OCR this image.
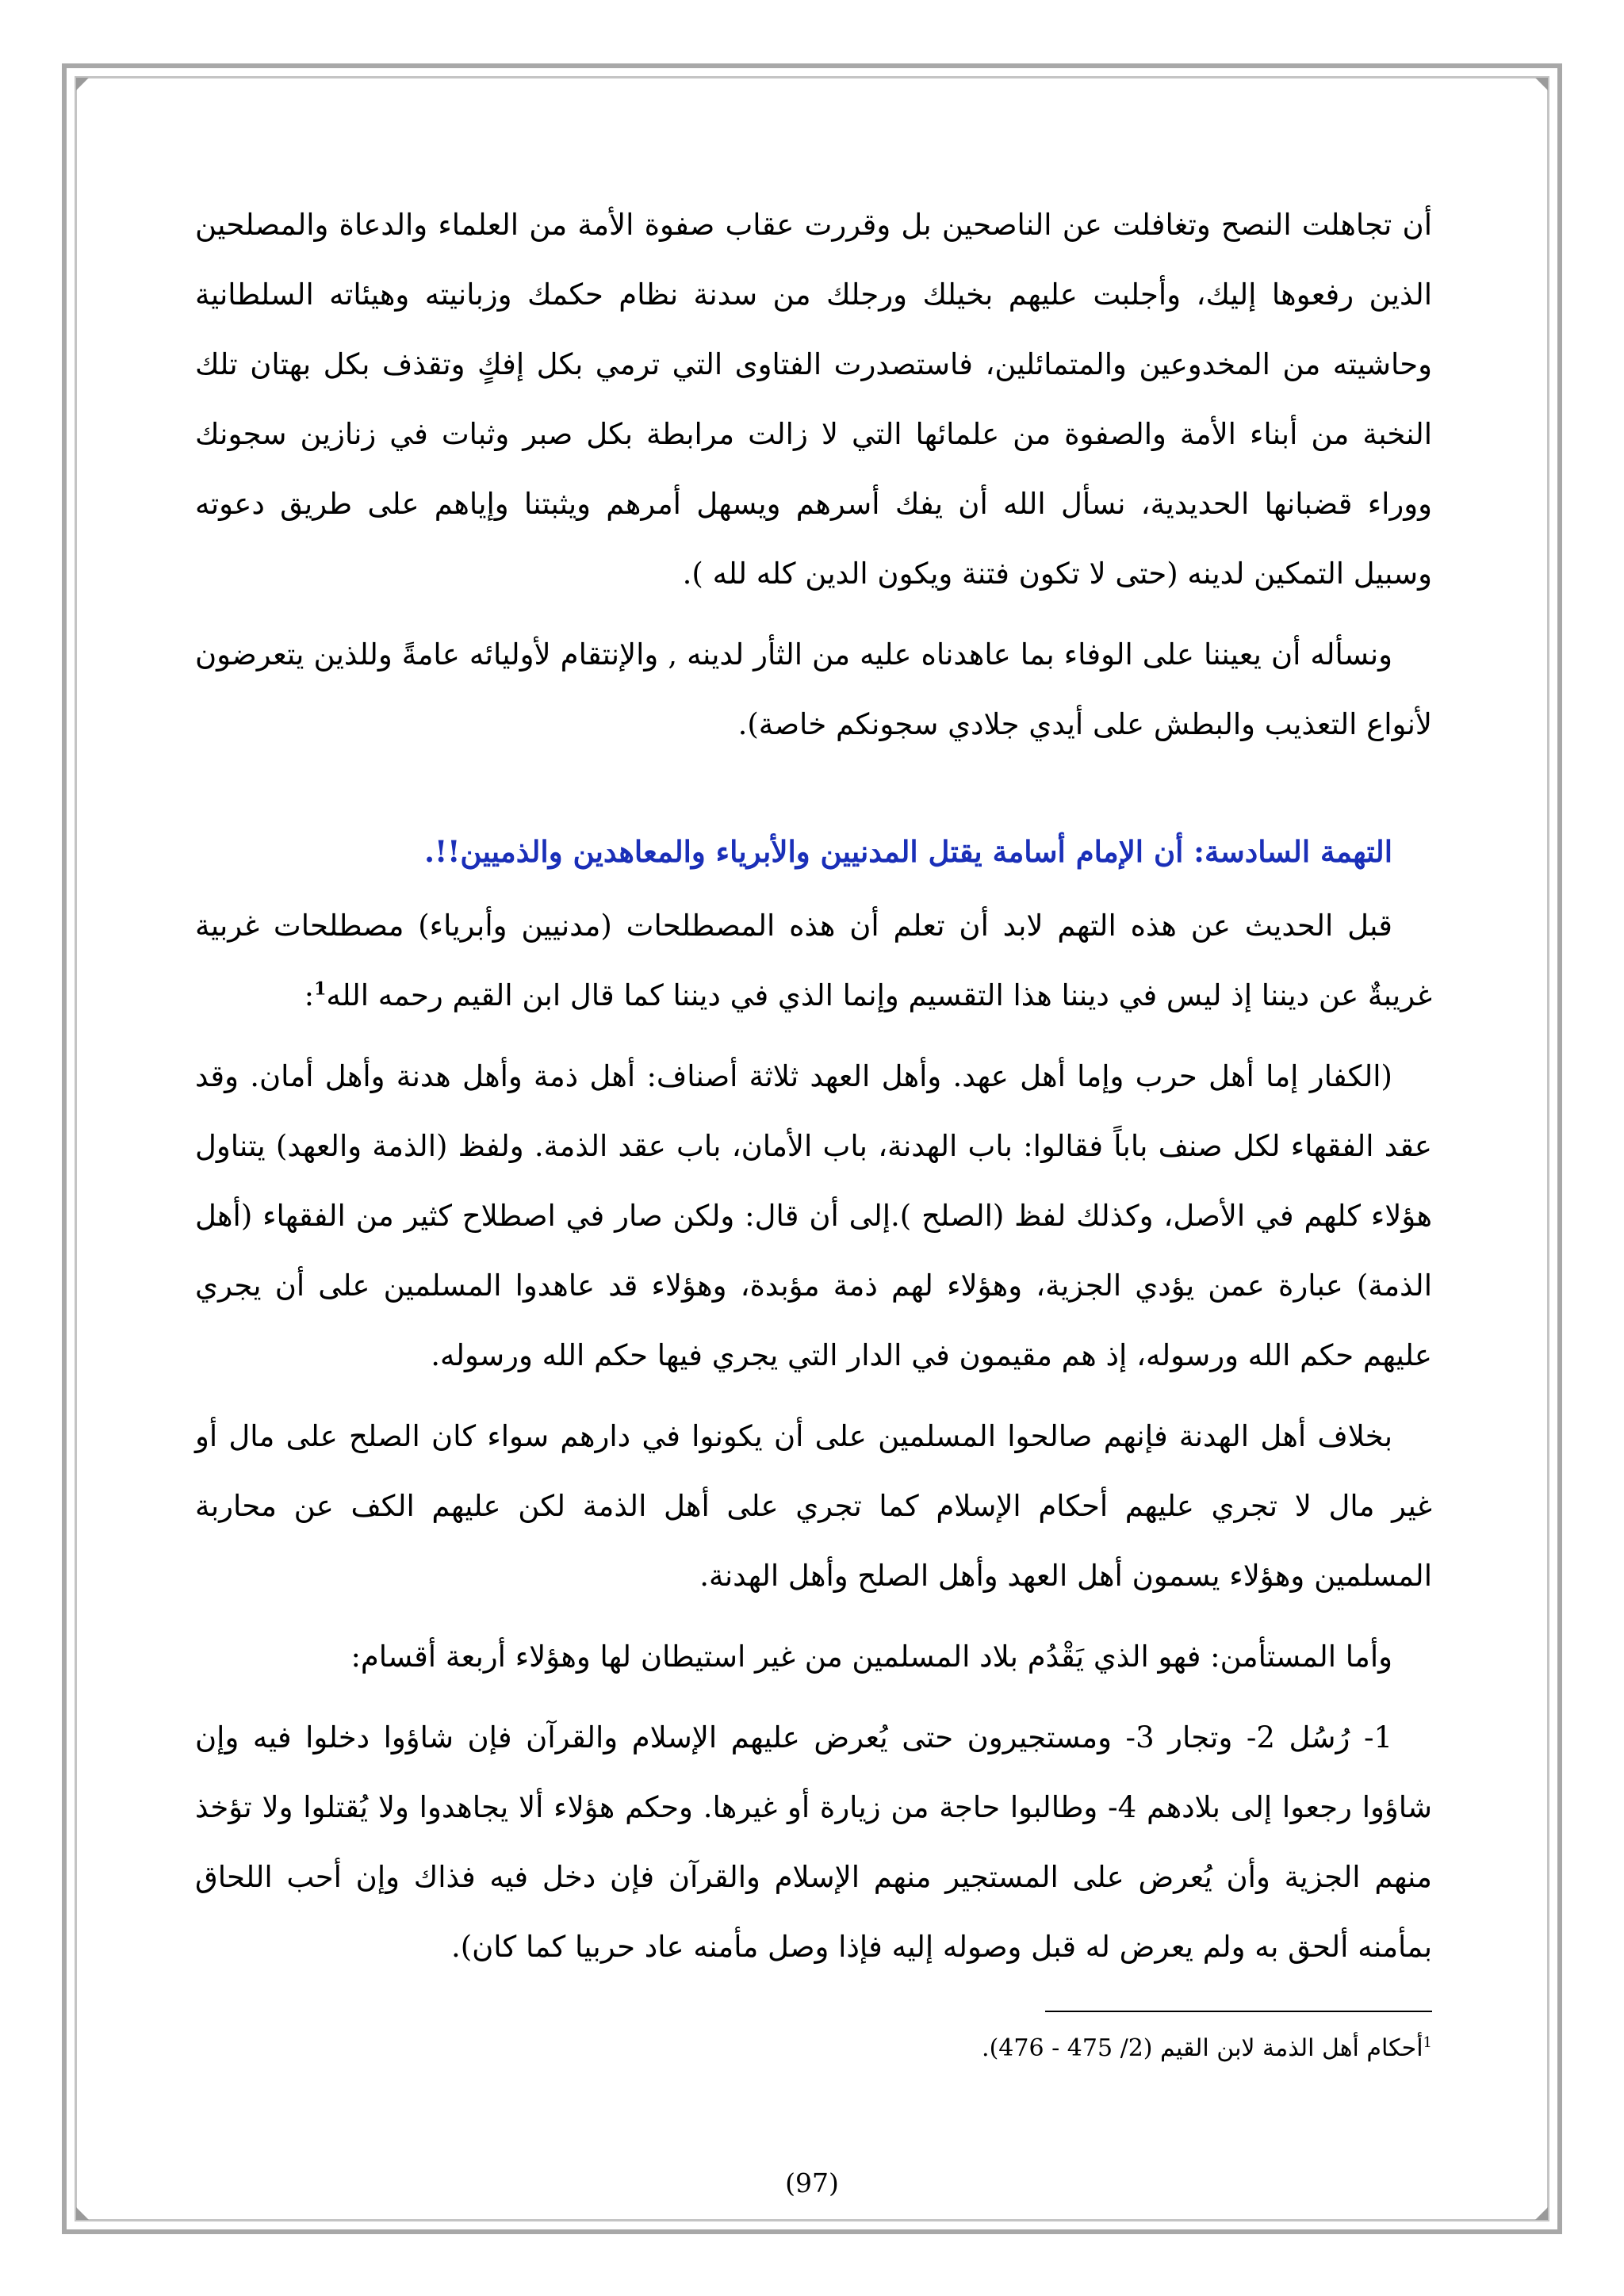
أن تجاهلت النصح وتغافلت عن الناصحين بل وقررت عقاب صفوة الأمة من العلماء والدعاة والمصلحين الذين رفعوها إليك، وأجلبت عليهم بخيلك ورجلك من سدنة نظام حكمك وزبانيته وهيئاته السلطانية وحاشيته من المخدوعين والمتمائلين، فاستصدرت الفتاوى التي ترمي بكل إفكٍ وتقذف بكل بهتان تلك النخبة من أبناء الأمة والصفوة من علمائها التي لا زالت مرابطة بكل صبر وثبات في زنازين سجونك ووراء قضبانها الحديدية، نسأل الله أن يفك أسرهم ويسهل أمرهم ويثبتنا وإياهم على طريق دعوته وسبيل التمكين لدينه (حتى لا تكون فتنة ويكون الدين كله لله ).

ونسأله أن يعيننا على الوفاء بما عاهدناه عليه من الثأر لدينه , والإنتقام لأوليائه عامةً وللذين يتعرضون لأنواع التعذيب والبطش على أيدي جلادي سجونكم خاصة).

التهمة السادسة: أن الإمام أسامة يقتل المدنيين والأبرياء والمعاهدين والذميين!!.

قبل الحديث عن هذه التهم لابد أن تعلم أن هذه المصطلحات (مدنيين وأبرياء) مصطلحات غربية غريبةٌ عن ديننا إذ ليس في ديننا هذا التقسيم وإنما الذي في ديننا كما قال ابن القيم رحمه الله$^1$:

(الكفار إما أهل حرب وإما أهل عهد. وأهل العهد ثلاثة أصناف: أهل ذمة وأهل هدنة وأهل أمان. وقد عقد الفقهاء لكل صنف باباً فقالوا: باب الهدنة، باب الأمان، باب عقد الذمة. ولفظ (الذمة والعهد) يتناول هؤلاء كلهم في الأصل، وكذلك لفظ (الصلح ).إلى أن قال: ولكن صار في اصطلاح كثير من الفقهاء (أهل الذمة) عبارة عمن يؤدي الجزية، وهؤلاء لهم ذمة مؤبدة، وهؤلاء قد عاهدوا المسلمين على أن يجري عليهم حكم الله ورسوله، إذ هم مقيمون في الدار التي يجري فيها حكم الله ورسوله.

بخلاف أهل الهدنة فإنهم صالحوا المسلمين على أن يكونوا في دارهم سواء كان الصلح على مال أو غير مال لا تجري عليهم أحكام الإسلام كما تجري على أهل الذمة لكن عليهم الكف عن محاربة المسلمين وهؤلاء يسمون أهل العهد وأهل الصلح وأهل الهدنة.

وأما المستأمن: فهو الذي يَقْدُم بلاد المسلمين من غير استيطان لها وهؤلاء أربعة أقسام:

1- رُسُل 2- وتجار 3- ومستجيرون حتى يُعرض عليهم الإسلام والقرآن فإن شاؤوا دخلوا فيه وإن شاؤوا رجعوا إلى بلادهم 4- وطالبوا حاجة من زيارة أو غيرها. وحكم هؤلاء ألا يجاهدوا ولا يُقتلوا ولا تؤخذ منهم الجزية وأن يُعرض على المستجير منهم الإسلام والقرآن فإن دخل فيه فذاك وإن أحب اللحاق بمأمنه ألحق به ولم يعرض له قبل وصوله إليه فإذا وصل مأمنه عاد حربيا كما كان).

$^1$أحكام أهل الذمة لابن القيم (2/ 475 - 476).
(97)
